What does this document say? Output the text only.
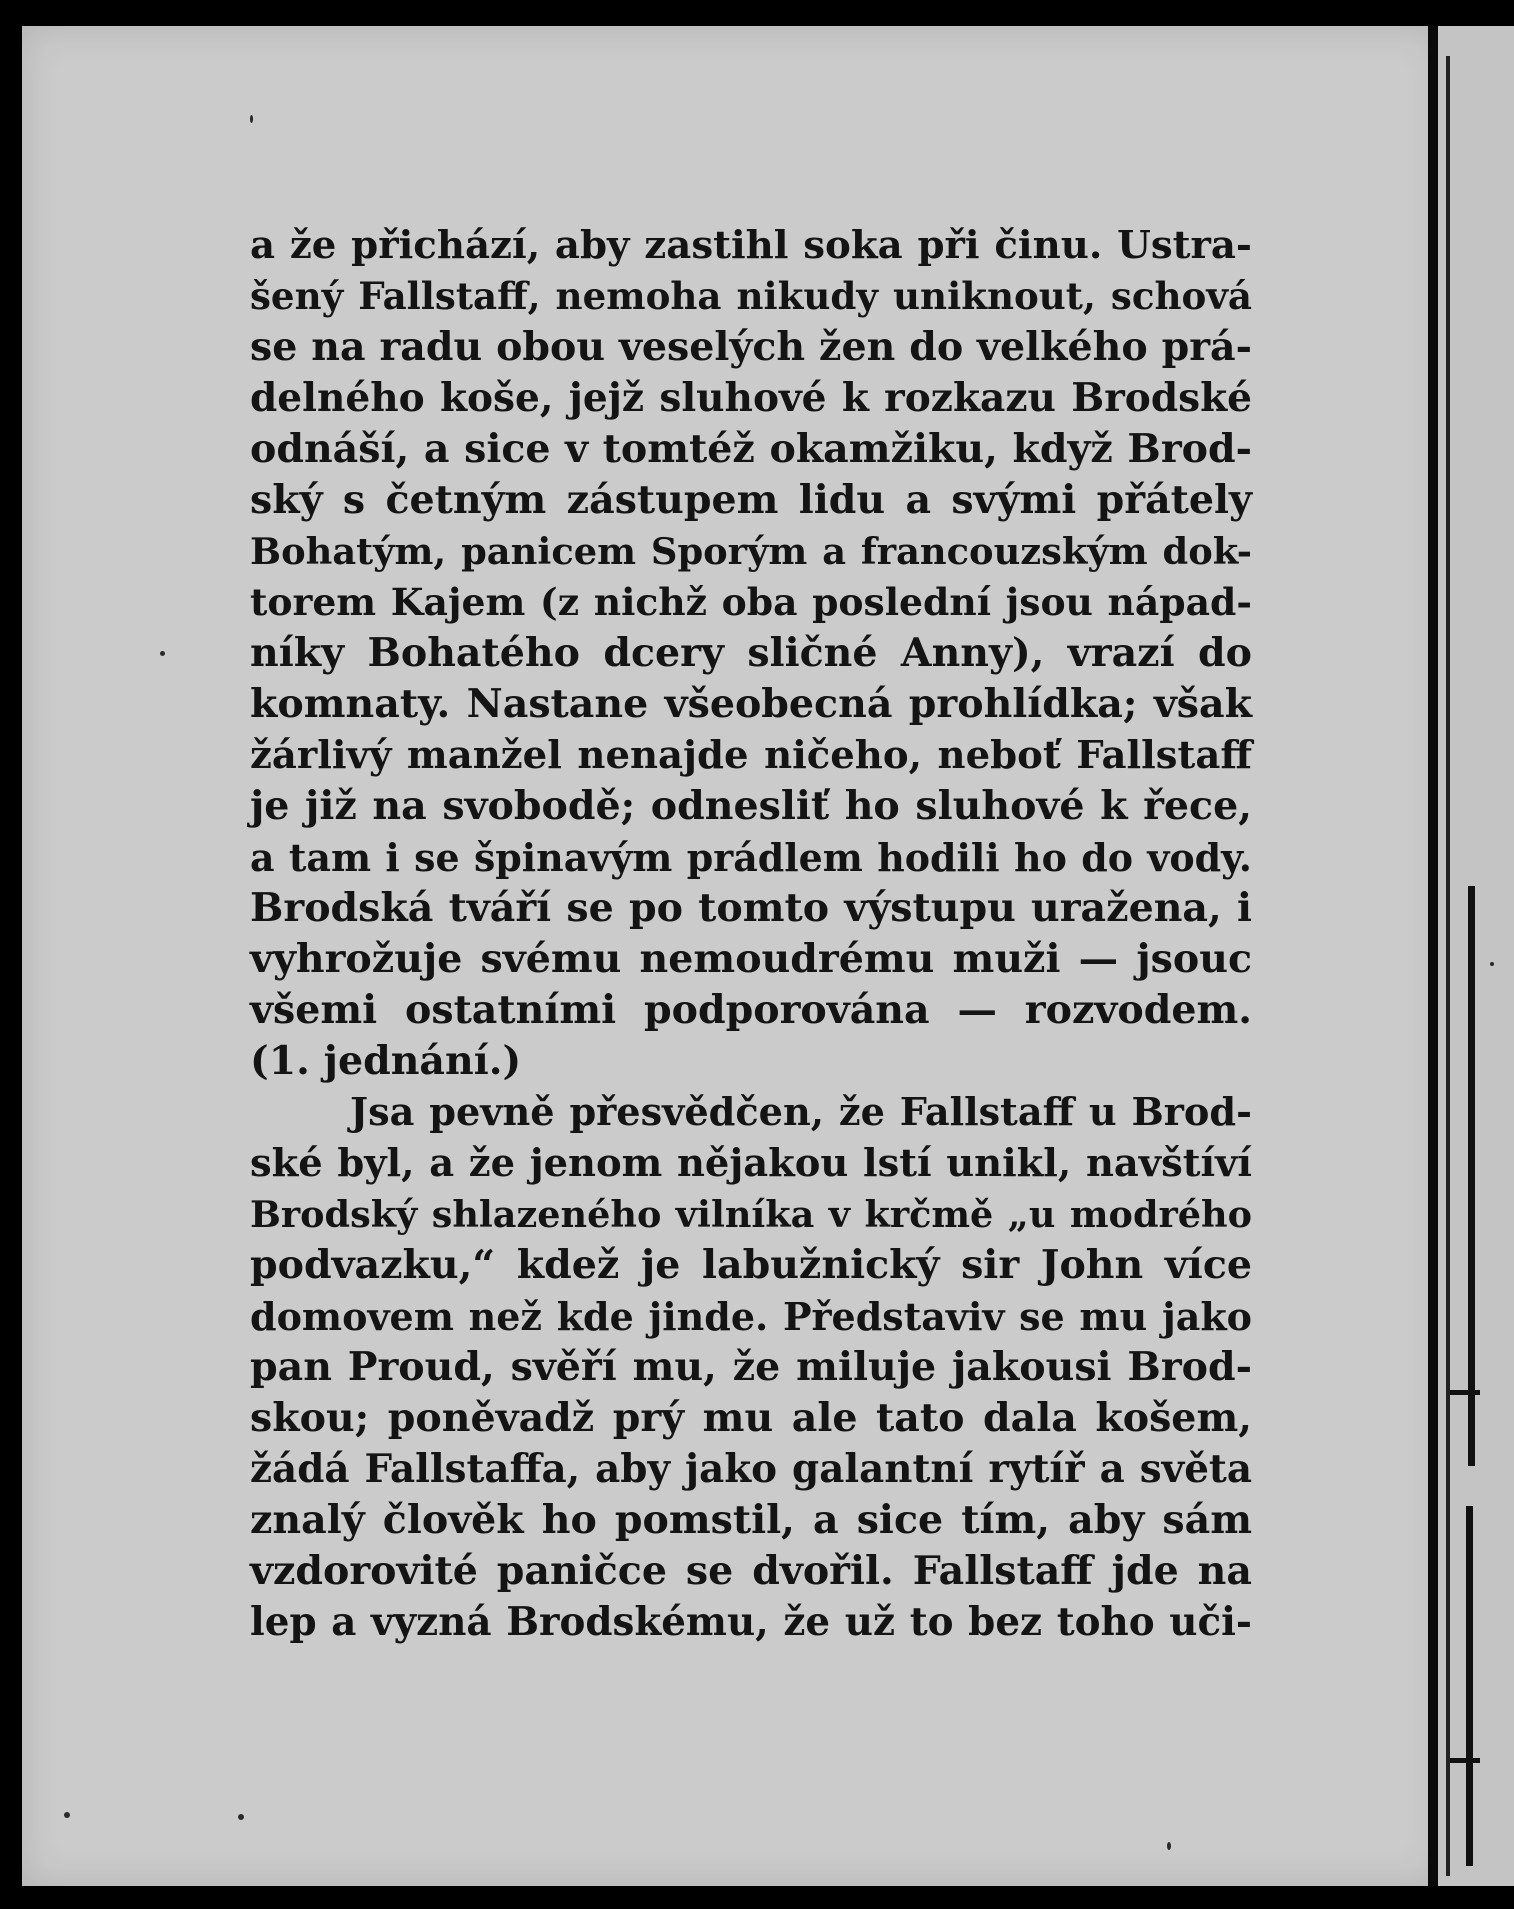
a že přichází, aby zastihl soka při činu. Ustra-
šený Fallstaff, nemoha nikudy uniknout, schová
se na radu obou veselých žen do velkého prá-
delného koše, jejž sluhové k rozkazu Brodské
odnáší, a sice v tomtéž okamžiku, když Brod-
ský s četným zástupem lidu a svými přátely
Bohatým, panicem Sporým a francouzským dok-
torem Kajem (z nichž oba poslední jsou nápad-
níky Bohatého dcery sličné Anny), vrazí do
komnaty. Nastane všeobecná prohlídka; však
žárlivý manžel nenajde ničeho, neboť Fallstaff
je již na svobodě; odnesliť ho sluhové k řece,
a tam i se špinavým prádlem hodili ho do vody.
Brodská tváří se po tomto výstupu uražena, i
vyhrožuje svému nemoudrému muži — jsouc
všemi ostatními podporována — rozvodem.
(1. jednání.)
Jsa pevně přesvědčen, že Fallstaff u Brod-
ské byl, a že jenom nějakou lstí unikl, navštíví
Brodský shlazeného vilníka v krčmě „u modrého
podvazku,“ kdež je labužnický sir John více
domovem než kde jinde. Představiv se mu jako
pan Proud, svěří mu, že miluje jakousi Brod-
skou; poněvadž prý mu ale tato dala košem,
žádá Fallstaffa, aby jako galantní rytíř a světa
znalý člověk ho pomstil, a sice tím, aby sám
vzdorovité paničce se dvořil. Fallstaff jde na
lep a vyzná Brodskému, že už to bez toho uči-
